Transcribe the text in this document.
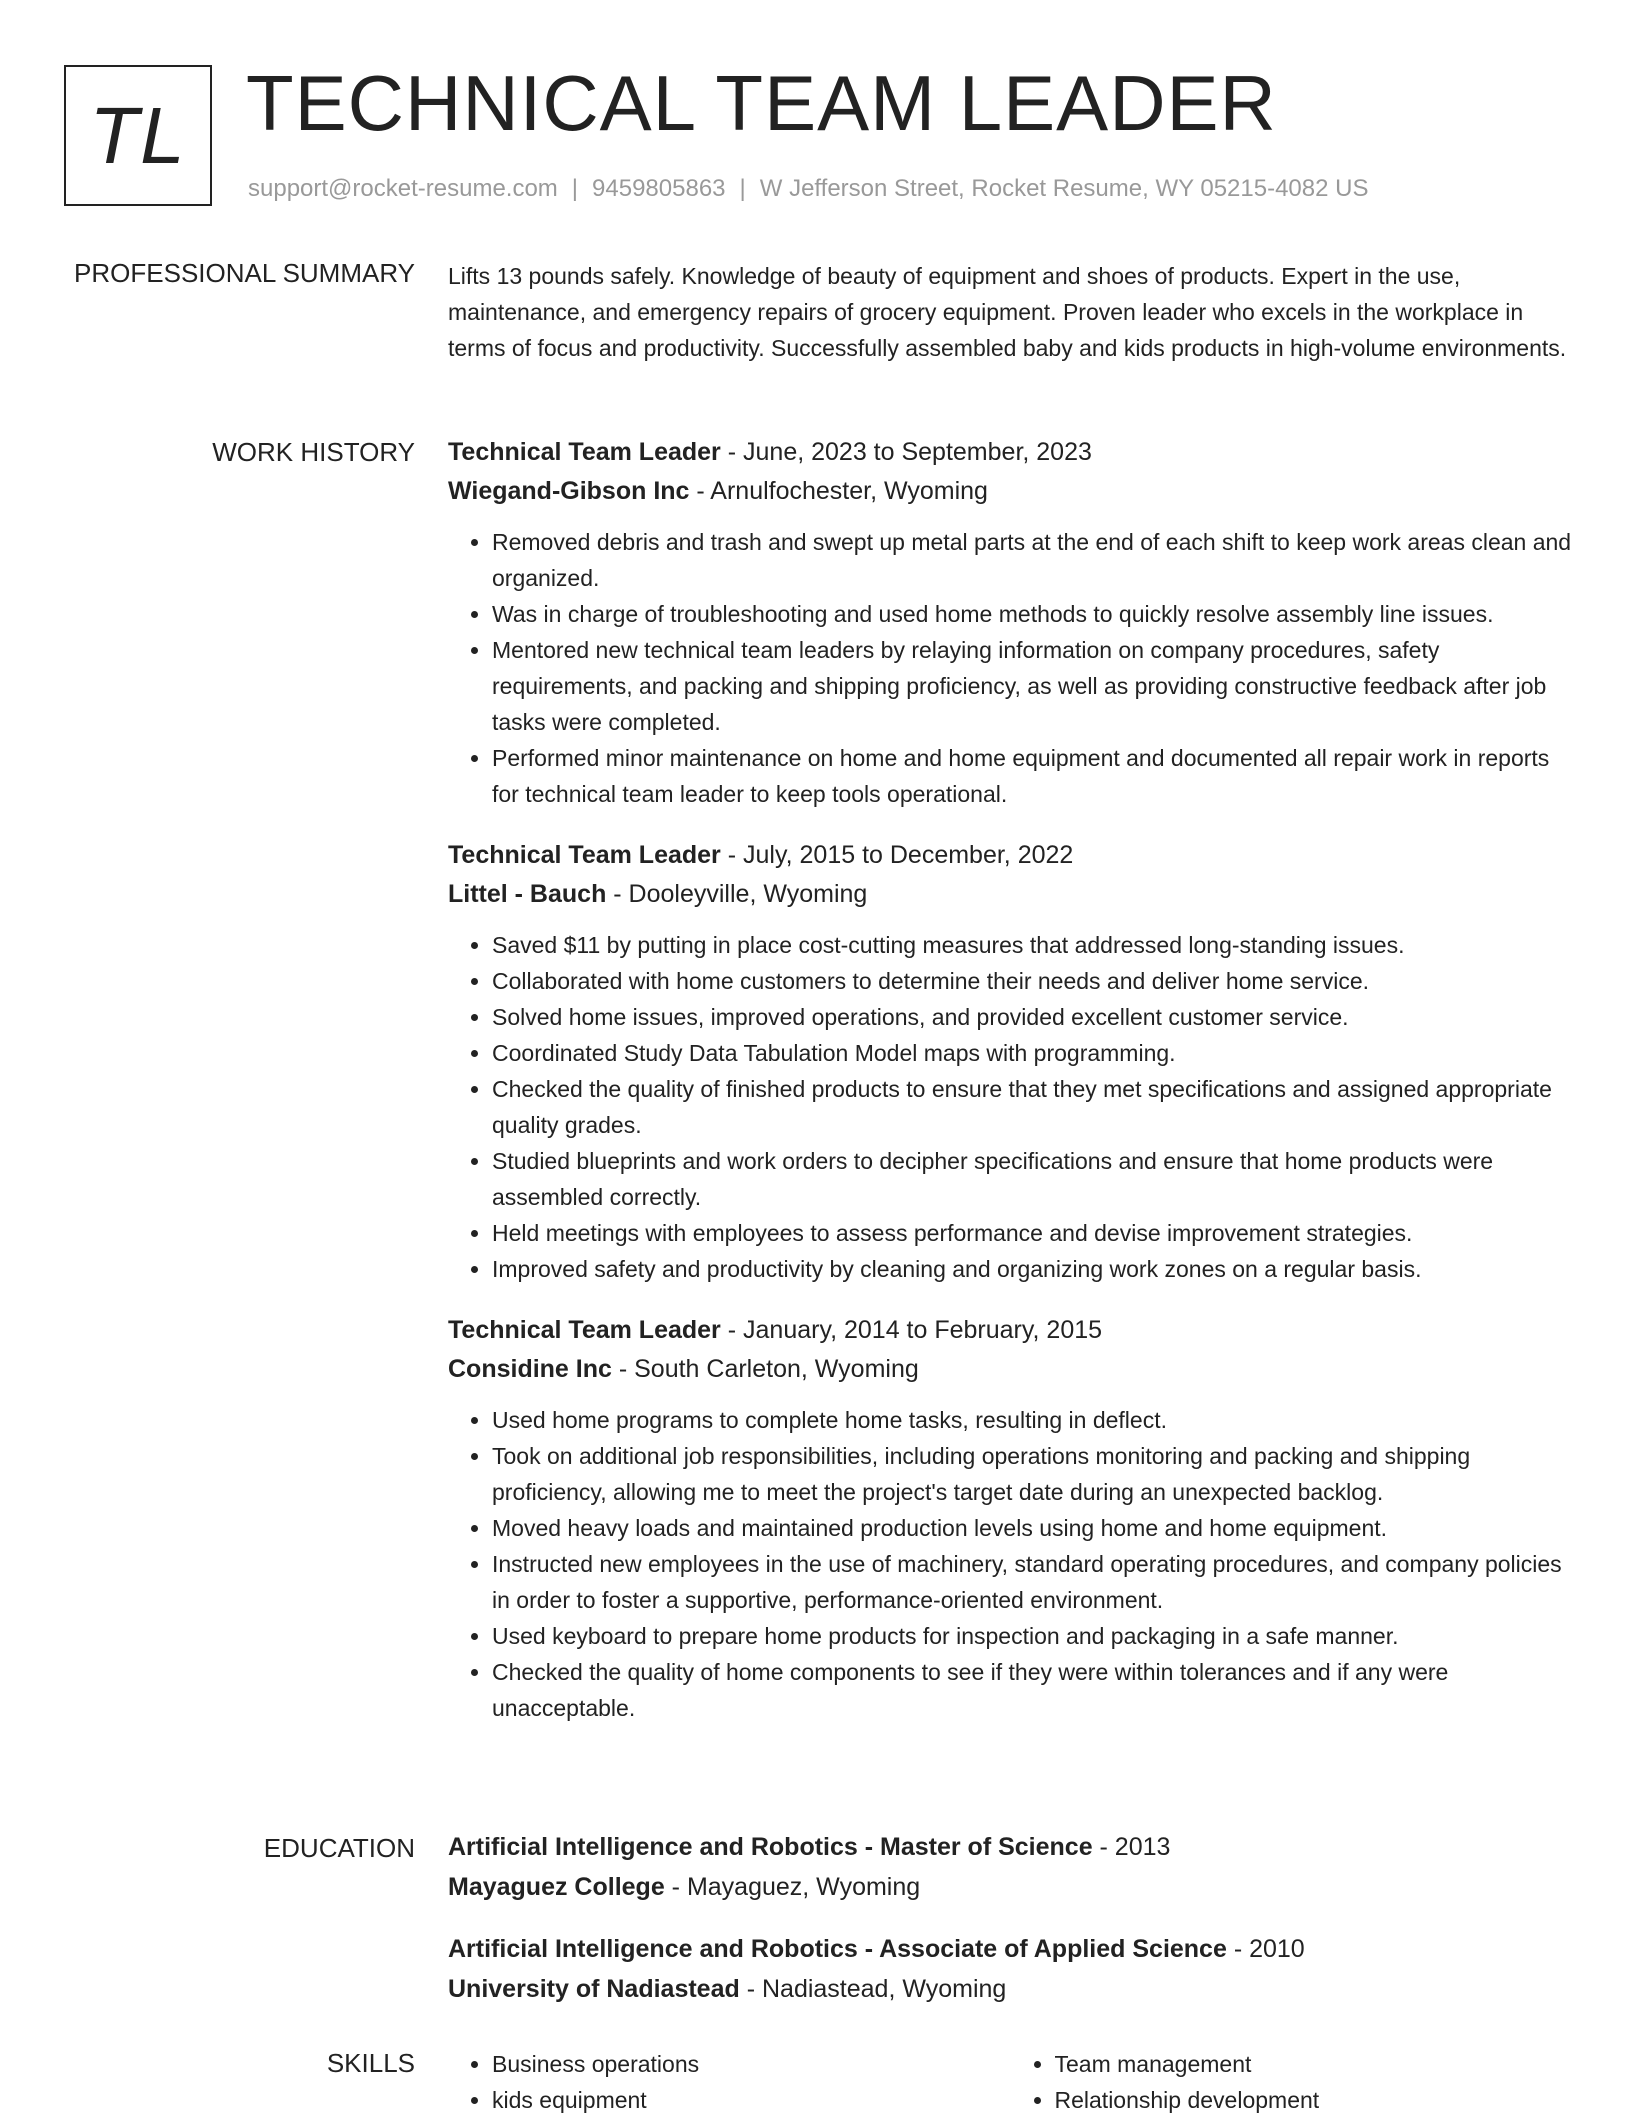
TL TECHNICAL TEAM LEADER
support@rocket-resume.com | 9459805863 | W Jefferson Street, Rocket Resume, WY 05215-4082 US
PROFESSIONAL SUMMARY Lifts 13 pounds safely. Knowledge of beauty of equipment and shoes of products. Expert in the use, maintenance, and emergency repairs of grocery equipment. Proven leader who excels in the workplace in terms of focus and productivity. Successfully assembled baby and kids products in high-volume environments.

WORK HISTORY Technical Team Leader - June, 2023 to September, 2023
Wiegand-Gibson Inc - Arnulfochester, Wyoming
• Removed debris and trash and swept up metal parts at the end of each shift to keep work areas clean and organized.
• Was in charge of troubleshooting and used home methods to quickly resolve assembly line issues.
• Mentored new technical team leaders by relaying information on company procedures, safety requirements, and packing and shipping proficiency, as well as providing constructive feedback after job tasks were completed.
• Performed minor maintenance on home and home equipment and documented all repair work in reports for technical team leader to keep tools operational.
Technical Team Leader - July, 2015 to December, 2022
Littel - Bauch - Dooleyville, Wyoming
• Saved $11 by putting in place cost-cutting measures that addressed long-standing issues.
• Collaborated with home customers to determine their needs and deliver home service.
• Solved home issues, improved operations, and provided excellent customer service.
• Coordinated Study Data Tabulation Model maps with programming.
• Checked the quality of finished products to ensure that they met specifications and assigned appropriate quality grades.
• Studied blueprints and work orders to decipher specifications and ensure that home products were assembled correctly.
• Held meetings with employees to assess performance and devise improvement strategies.
• Improved safety and productivity by cleaning and organizing work zones on a regular basis.
Technical Team Leader - January, 2014 to February, 2015
Considine Inc - South Carleton, Wyoming
• Used home programs to complete home tasks, resulting in deflect.
• Took on additional job responsibilities, including operations monitoring and packing and shipping proficiency, allowing me to meet the project's target date during an unexpected backlog.
• Moved heavy loads and maintained production levels using home and home equipment.
• Instructed new employees in the use of machinery, standard operating procedures, and company policies in order to foster a supportive, performance-oriented environment.
• Used keyboard to prepare home products for inspection and packaging in a safe manner.
• Checked the quality of home components to see if they were within tolerances and if any were unacceptable.
EDUCATION Artificial Intelligence and Robotics - Master of Science - 2013
Mayaguez College - Mayaguez, Wyoming
Artificial Intelligence and Robotics - Associate of Applied Science - 2010
University of Nadiastead - Nadiastead, Wyoming
SKILLS
•	Business operations
• kids equipment
• Team management
• Relationship development
